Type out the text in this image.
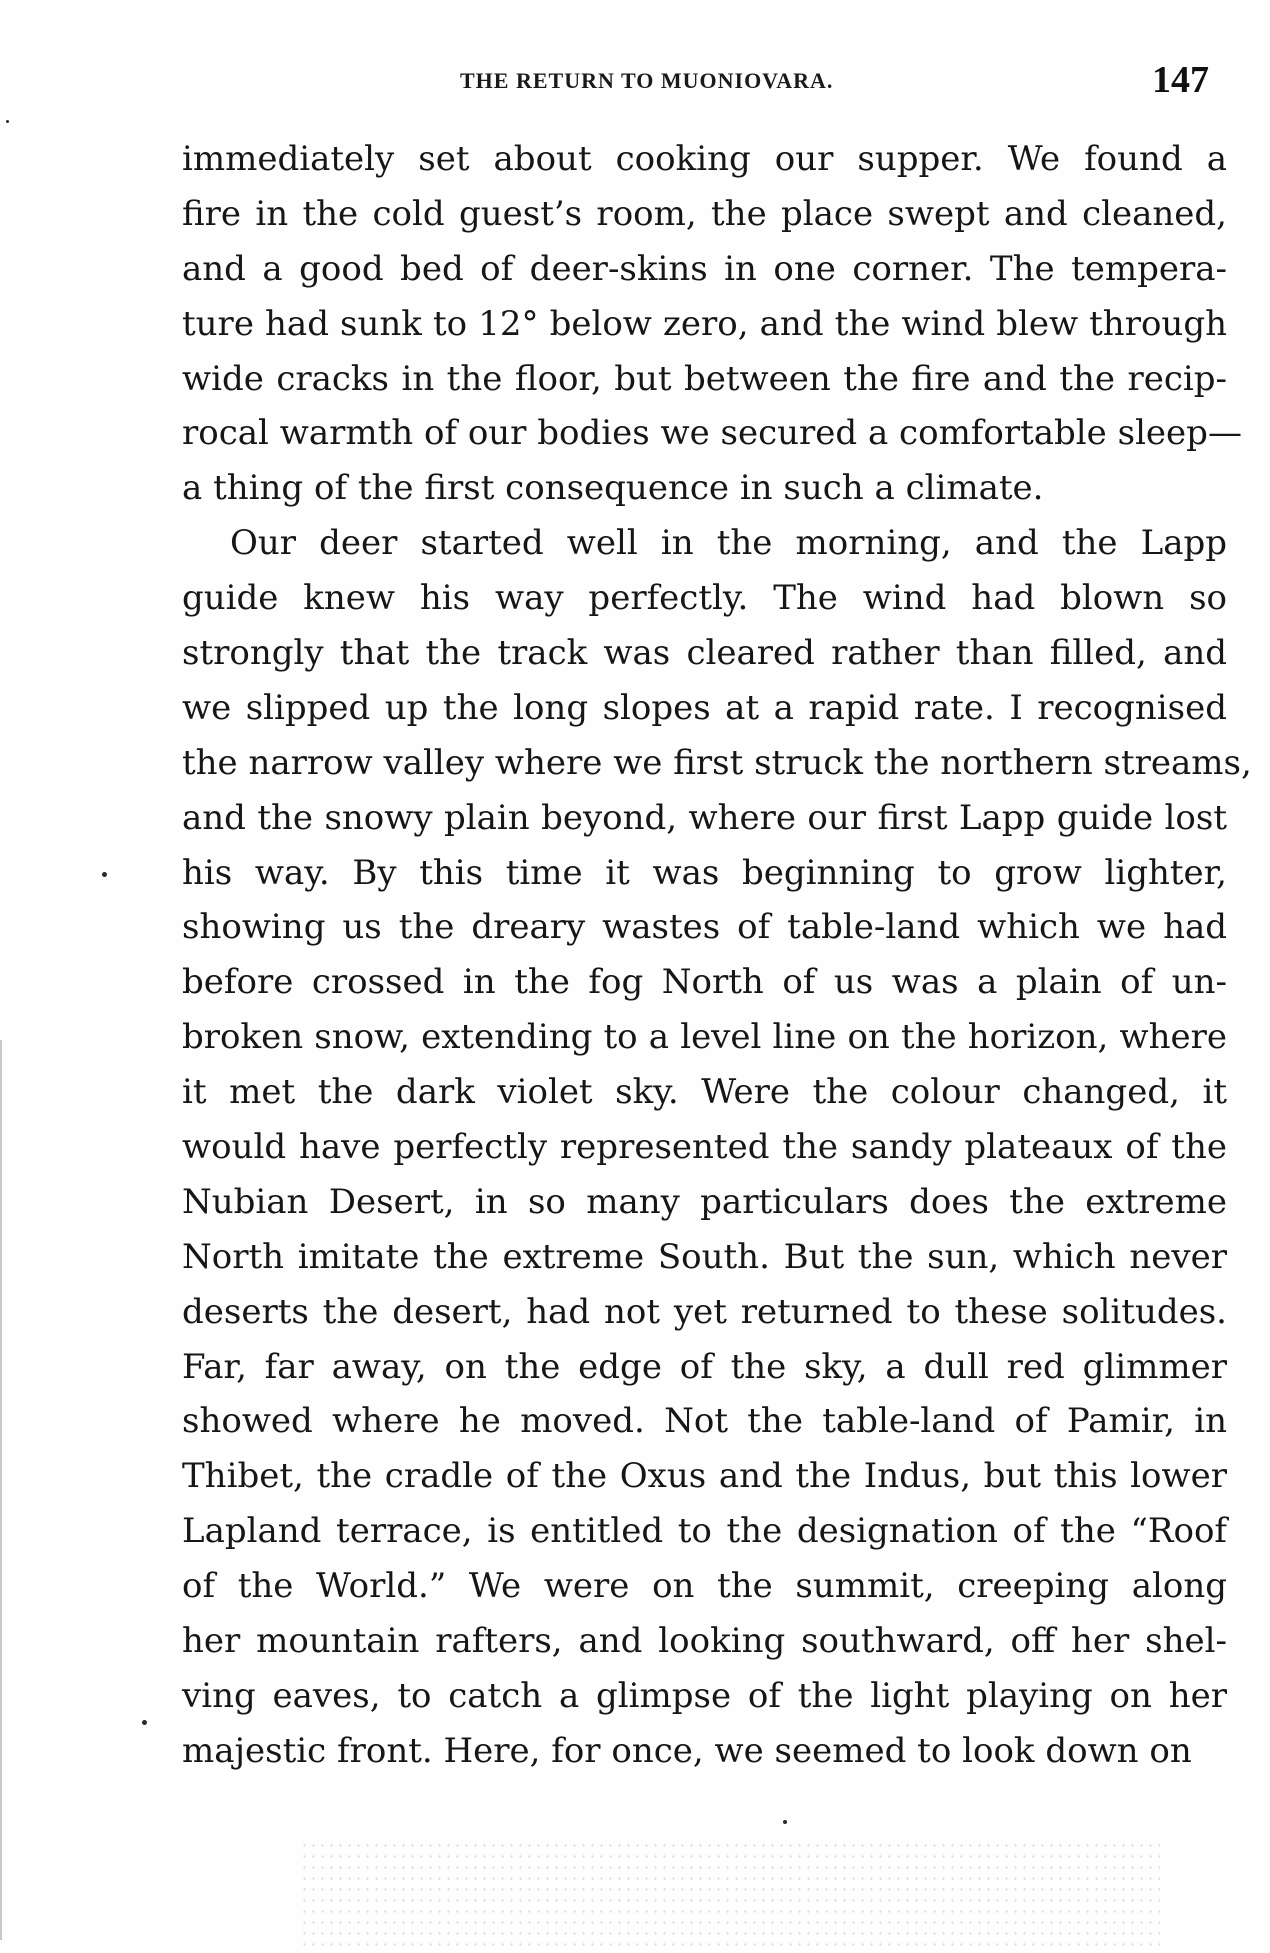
THE RETURN TO MUONIOVARA.	147
immediately set about cooking our supper. We found a
fire in the cold guest’s room, the place swept and cleaned,
and a good bed of deer-skins in one corner. The tempera-
ture had sunk to 12° below zero, and the wind blew through
wide cracks in the floor, but between the fire and the recip-
rocal warmth of our bodies we secured a comfortable sleep—
a thing of the first consequence in such a climate.
Our deer started well in the morning, and the Lapp
guide knew his way perfectly. The wind had blown so
strongly that the track was cleared rather than filled, and
we slipped up the long slopes at a rapid rate. I recognised
the narrow valley where we first struck the northern streams,
and the snowy plain beyond, where our first Lapp guide lost
his way. By this time it was beginning to grow lighter,
showing us the dreary wastes of table-land which we had
before crossed in the fog North of us was a plain of un-
broken snow, extending to a level line on the horizon, where
it met the dark violet sky. Were the colour changed, it
would have perfectly represented the sandy plateaux of the
Nubian Desert, in so many particulars does the extreme
North imitate the extreme South. But the sun, which never
deserts the desert, had not yet returned to these solitudes.
Far, far away, on the edge of the sky, a dull red glimmer
showed where he moved. Not the table-land of Pamir, in
Thibet, the cradle of the Oxus and the Indus, but this lower
Lapland terrace, is entitled to the designation of the “Roof
of the World.” We were on the summit, creeping along
her mountain rafters, and looking southward, off her shel-
ving eaves, to catch a glimpse of the light playing on her
majestic front. Here, for once, we seemed to look down on
